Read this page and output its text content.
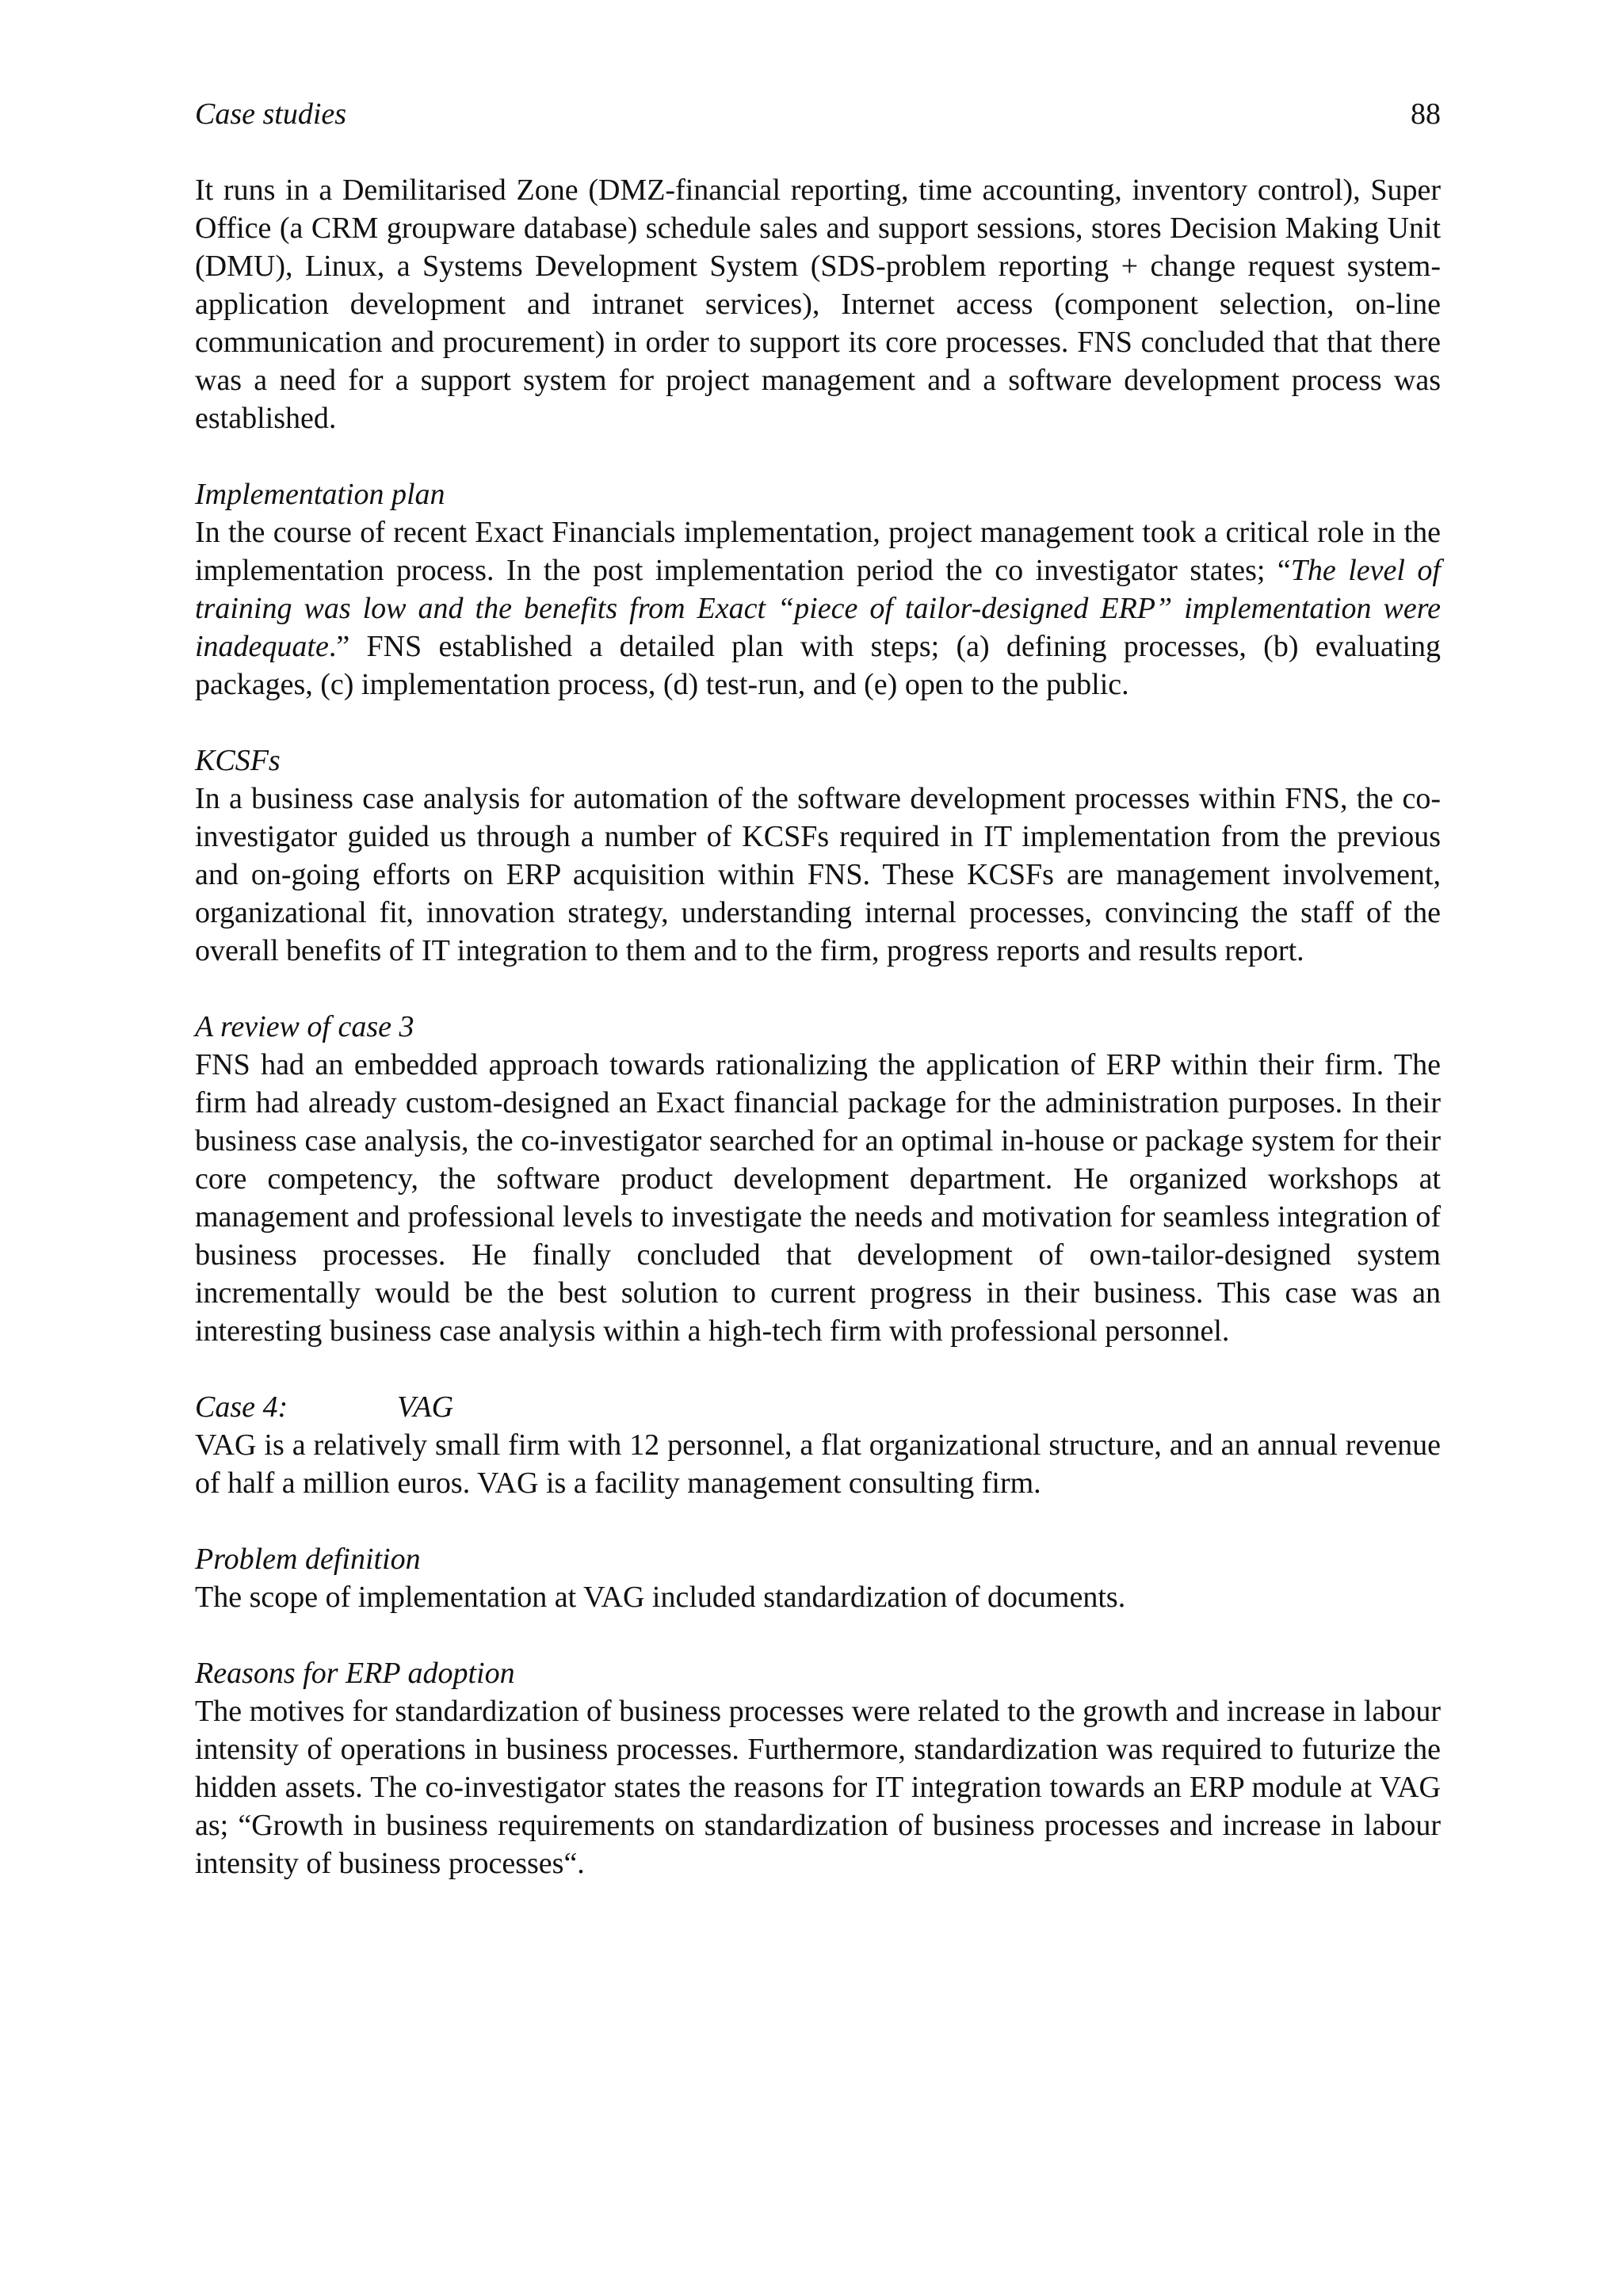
Case studies	88

It runs in a Demilitarised Zone (DMZ-financial reporting, time accounting, inventory control), Super Office (a CRM groupware database) schedule sales and support sessions, stores Decision Making Unit (DMU), Linux, a Systems Development System (SDS-problem reporting + change request system-application development and intranet services), Internet access (component selection, on-line communication and procurement) in order to support its core processes. FNS concluded that that there was a need for a support system for project management and a software development process was established.

Implementation plan

In the course of recent Exact Financials implementation, project management took a critical role in the implementation process. In the post implementation period the co investigator states; “The level of training was low and the benefits from Exact “piece of tailor-designed ERP” implementation were inadequate.” FNS established a detailed plan with steps; (a) defining processes, (b) evaluating packages, (c) implementation process, (d) test-run, and (e) open to the public.

KCSFs

In a business case analysis for automation of the software development processes within FNS, the co-investigator guided us through a number of KCSFs required in IT implementation from the previous and on-going efforts on ERP acquisition within FNS. These KCSFs are management involvement, organizational fit, innovation strategy, understanding internal processes, convincing the staff of the overall benefits of IT integration to them and to the firm, progress reports and results report.

A review of case 3

FNS had an embedded approach towards rationalizing the application of ERP within their firm. The firm had already custom-designed an Exact financial package for the administration purposes. In their business case analysis, the co-investigator searched for an optimal in-house or package system for their core competency, the software product development department. He organized workshops at management and professional levels to investigate the needs and motivation for seamless integration of business processes. He finally concluded that development of own-tailor-designed system incrementally would be the best solution to current progress in their business. This case was an interesting business case analysis within a high-tech firm with professional personnel.

Case 4:	VAG

VAG is a relatively small firm with 12 personnel, a flat organizational structure, and an annual revenue of half a million euros. VAG is a facility management consulting firm.

Problem definition

The scope of implementation at VAG included standardization of documents.

Reasons for ERP adoption

The motives for standardization of business processes were related to the growth and increase in labour intensity of operations in business processes. Furthermore, standardization was required to futurize the hidden assets. The co-investigator states the reasons for IT integration towards an ERP module at VAG as; “Growth in business requirements on standardization of business processes and increase in labour intensity of business processes“.
